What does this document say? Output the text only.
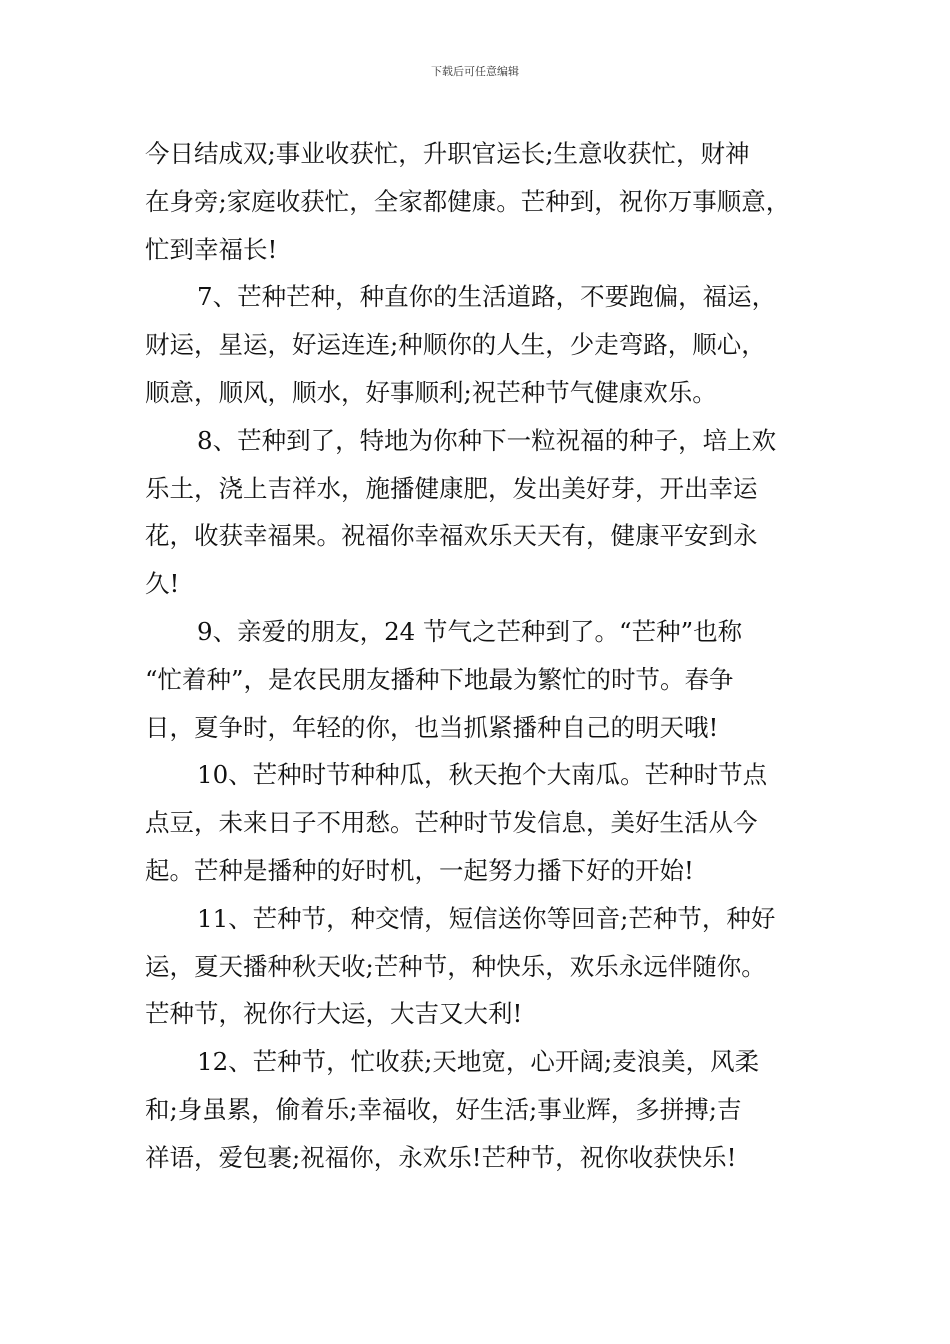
下载后可任意编辑
今日结成双;事业收获忙，升职官运长;生意收获忙，财神
在身旁;家庭收获忙，全家都健康。芒种到，祝你万事顺意，
忙到幸福长!
7、芒种芒种，种直你的生活道路，不要跑偏，福运，
财运，星运，好运连连;种顺你的人生，少走弯路，顺心，
顺意，顺风，顺水，好事顺利;祝芒种节气健康欢乐。
8、芒种到了，特地为你种下一粒祝福的种子，培上欢
乐土，浇上吉祥水，施播健康肥，发出美好芽，开出幸运
花，收获幸福果。祝福你幸福欢乐天天有，健康平安到永
久!
9、亲爱的朋友，24 节气之芒种到了。“芒种”也称
“忙着种”，是农民朋友播种下地最为繁忙的时节。春争
日，夏争时，年轻的你，也当抓紧播种自己的明天哦!
10、芒种时节种种瓜，秋天抱个大南瓜。芒种时节点
点豆，未来日子不用愁。芒种时节发信息，美好生活从今
起。芒种是播种的好时机，一起努力播下好的开始!
11、芒种节，种交情，短信送你等回音;芒种节，种好
运，夏天播种秋天收;芒种节，种快乐，欢乐永远伴随你。
芒种节，祝你行大运，大吉又大利!
12、芒种节，忙收获;天地宽，心开阔;麦浪美，风柔
和;身虽累，偷着乐;幸福收，好生活;事业辉，多拼搏;吉
祥语，爱包裹;祝福你，永欢乐!芒种节，祝你收获快乐!
